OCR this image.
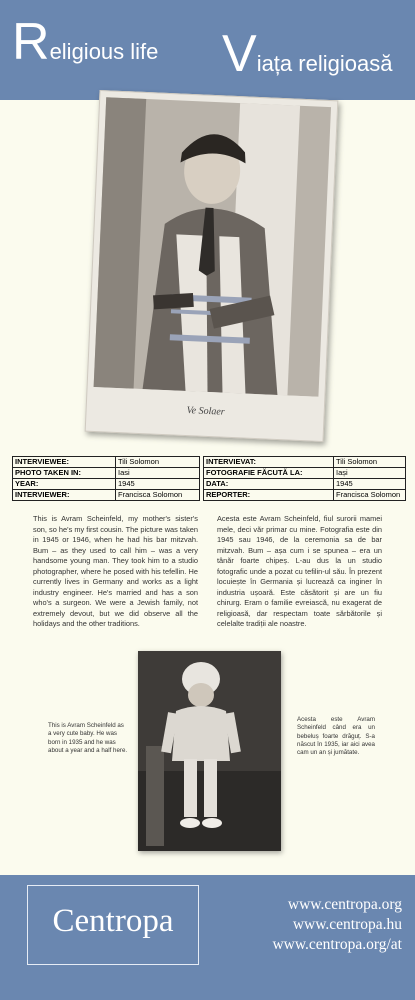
Religious life Viața religioasă
Ve Solaer
INTERVIEWEE:	Tili Solomon
PHOTO TAKEN IN:	Iasi
YEAR:	1945
INTERVIEWER:	Francisca Solomon
INTERVIEVAT:	Tili Solomon
FOTOGRAFIE FĂCUTĂ LA:	Iași
DATA:	1945
REPORTER:	Francisca Solomon
This is Avram Scheinfeld, my mother's sister's son, so he's my first cousin. The picture was taken in 1945 or 1946, when he had his bar mitzvah. Bum – as they used to call him – was a very handsome young man. They took him to a studio photographer, where he posed with his tefellin. He currently lives in Germany and works as a light industry engineer. He's married and has a son who's a surgeon. We were a Jewish family, not extremely devout, but we did observe all the holidays and the other traditions.
Acesta este Avram Scheinfeld, fiul surorii mamei mele, deci văr primar cu mine. Fotografia este din 1945 sau 1946, de la ceremonia sa de bar mitzvah. Bum – așa cum i se spunea – era un tânăr foarte chipeș. L-au dus la un studio fotografic unde a pozat cu tefilin-ul său. În prezent locuiește în Germania și lucrează ca inginer în industria ușoară. Este căsătorit și are un fiu chirurg. Eram o familie evreiască, nu exagerat de religioasă, dar respectam toate sărbătorile și celelalte tradiții ale noastre.
This is Avram Scheinfeld as a very cute baby. He was born in 1935 and he was about a year and a half here.
Acesta este Avram Scheinfeld când era un bebeluș foarte drăguț. S-a născut în 1935, iar aici avea cam un an și jumătate.
Centropa	www.centropa.org
www.centropa.hu
www.centropa.org/at
